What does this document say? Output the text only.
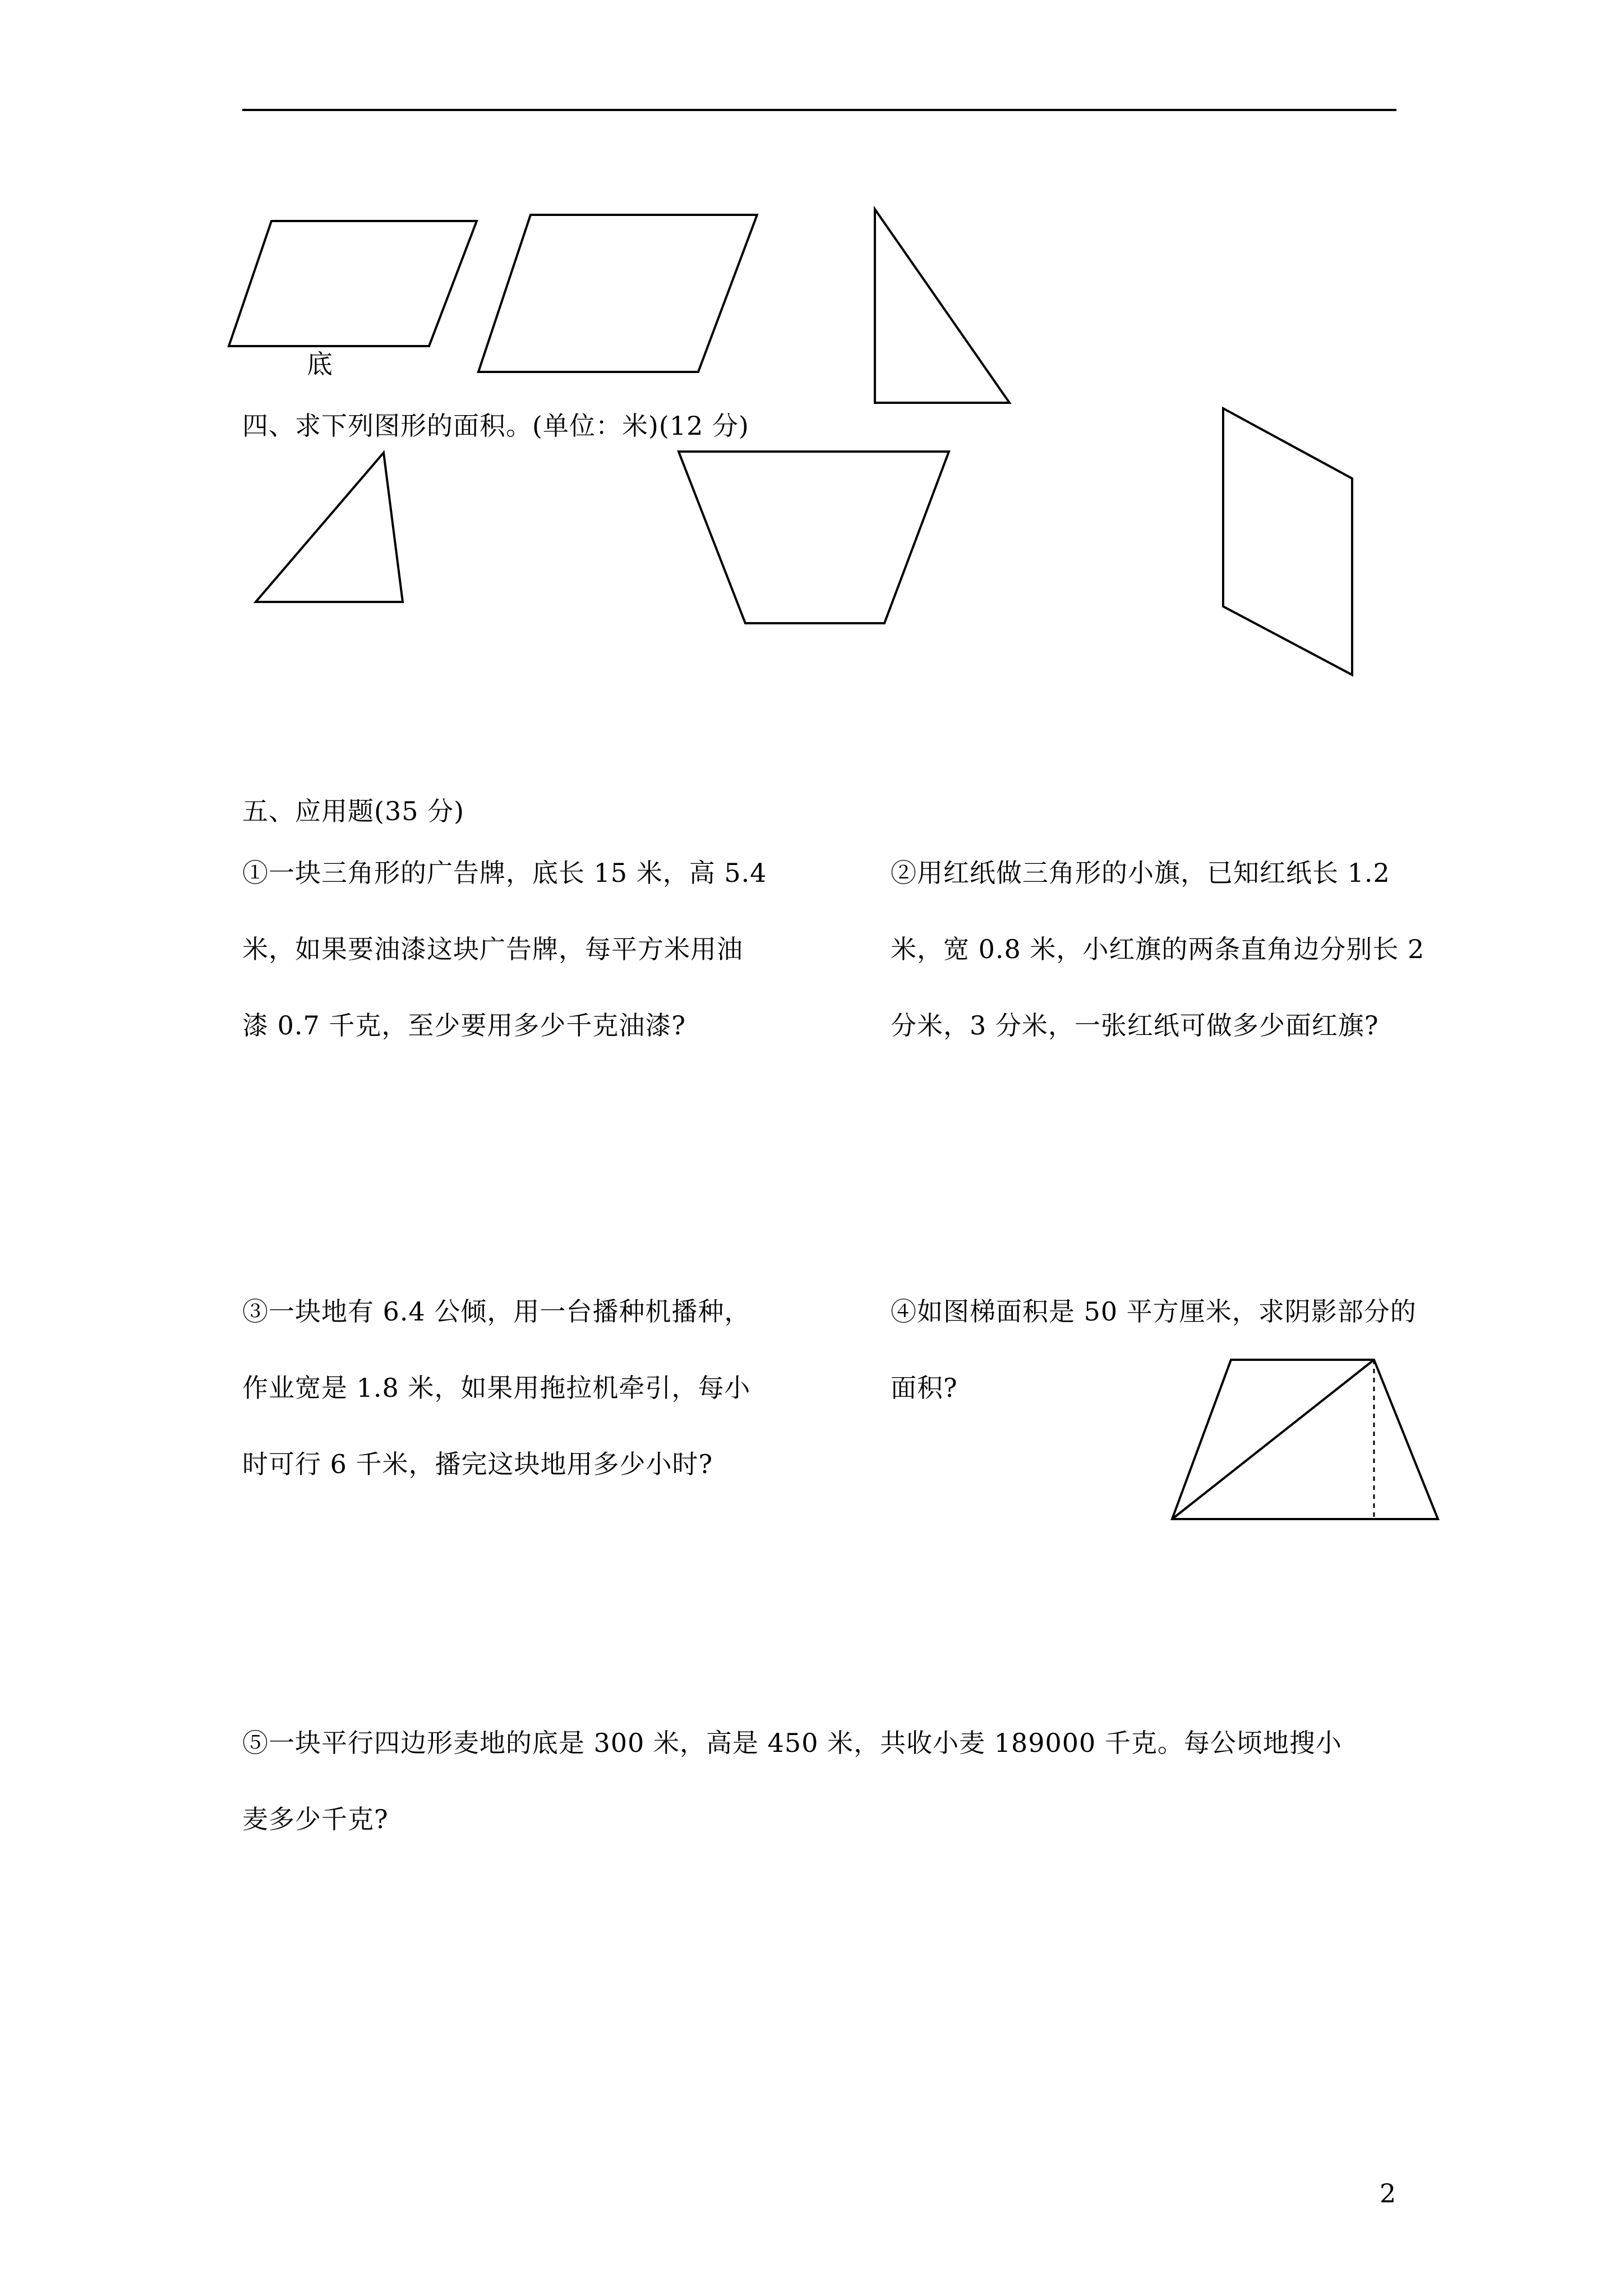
底
四、求下列图形的面积。(单位：米)(12 分)
五、应用题(35 分)
①一块三角形的广告牌，底长 15 米，高 5.4
米，如果要油漆这块广告牌，每平方米用油
漆 0.7 千克，至少要用多少千克油漆?
②用红纸做三角形的小旗，已知红纸长 1.2
米，宽 0.8 米，小红旗的两条直角边分别长 2
分米，3 分米，一张红纸可做多少面红旗?
③一块地有 6.4 公倾，用一台播种机播种，
作业宽是 1.8 米，如果用拖拉机牵引，每小
时可行 6 千米，播完这块地用多少小时?
④如图梯面积是 50 平方厘米，求阴影部分的
面积?
⑤一块平行四边形麦地的底是 300 米，高是 450 米，共收小麦 189000 千克。每公顷地搜小
麦多少千克?
2
